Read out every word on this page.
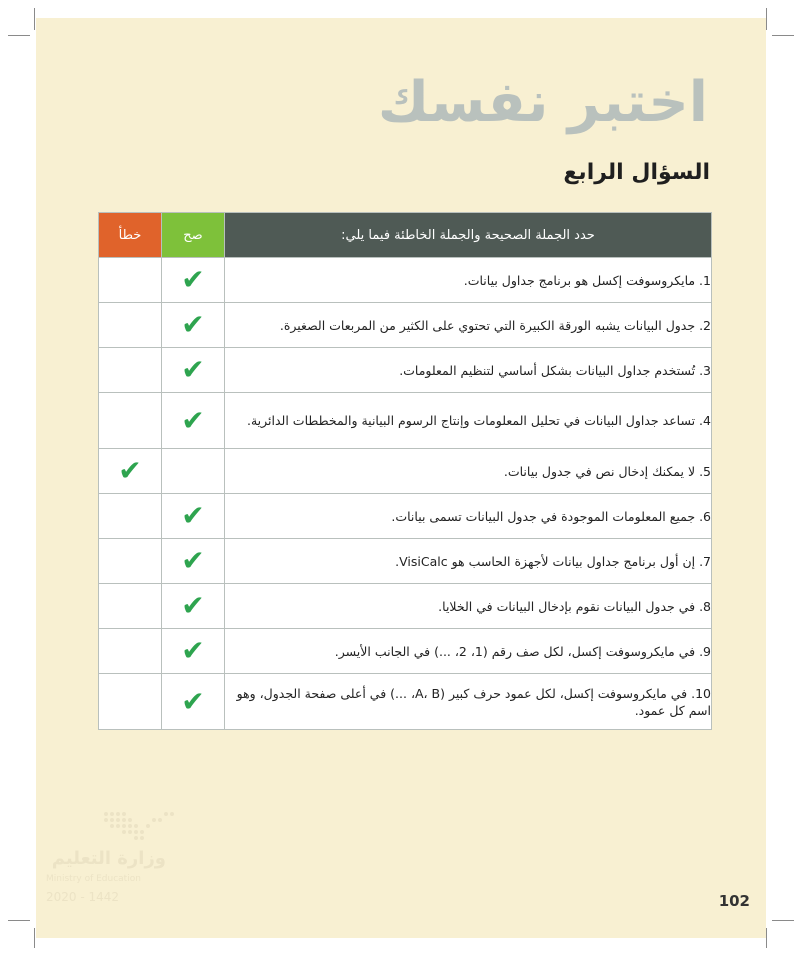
اختبر نفسك
السؤال الرابع
حدد الجملة الصحيحة والجملة الخاطئة فيما يلي:	صح	خطأ
1. مايكروسوفت إكسل هو برنامج جداول بيانات.	✔	
2. جدول البيانات يشبه الورقة الكبيرة التي تحتوي على الكثير من المربعات الصغيرة.	✔	
3. تُستخدم جداول البيانات بشكل أساسي لتنظيم المعلومات.	✔	
4. تساعد جداول البيانات في تحليل المعلومات وإنتاج الرسوم البيانية والمخططات الدائرية.	✔	
5. لا يمكنك إدخال نص في جدول بيانات.		✔
6. جميع المعلومات الموجودة في جدول البيانات تسمى بيانات.	✔	
7. إن أول برنامج جداول بيانات لأجهزة الحاسب هو VisiCalc.	✔	
8. في جدول البيانات نقوم بإدخال البيانات في الخلايا.	✔	
9. في مايكروسوفت إكسل، لكل صف رقم (1، 2، ...) في الجانب الأيسر.	✔	
10. في مايكروسوفت إكسل، لكل عمود حرف كبير (A، B، ...) في أعلى صفحة الجدول، وهو اسم كل عمود.	✔	
وزارة التعليم
Ministry of Education
2020 - 1442	102
